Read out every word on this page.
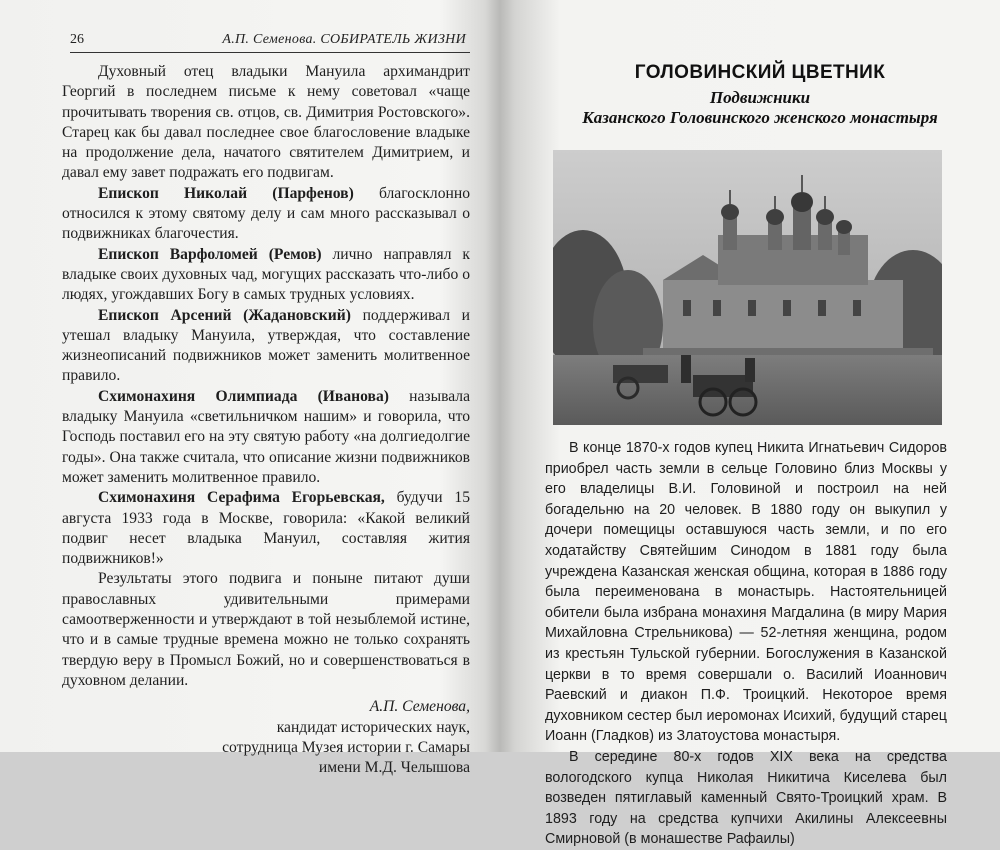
26	А.П. Семенова. СОБИРАТЕЛЬ ЖИЗНИ

Духовный отец владыки Мануила архимандрит Георгий в последнем письме к нему советовал «чаще прочитывать творения св. отцов, св. Димитрия Ростовского». Старец как бы давал последнее свое благословение владыке на продолжение дела, начатого святителем Димитрием, и давал ему завет подражать его подвигам.

Епископ Николай (Парфенов) благосклонно относился к этому святому делу и сам много рассказывал о подвижниках благочестия.

Епископ Варфоломей (Ремов) лично направлял к владыке своих духовных чад, могущих рассказать что-либо о людях, угождавших Богу в самых трудных условиях.

Епископ Арсений (Жадановский) поддерживал и утешал владыку Мануила, утверждая, что составление жизнеописаний подвижников может заменить молитвенное правило.

Схимонахиня Олимпиада (Иванова) называла владыку Мануила «светильничком нашим» и говорила, что Господь поставил его на эту святую работу «на долгиедолгие годы». Она также считала, что описание жизни подвижников может заменить молитвенное правило.

Схимонахиня Серафима Егорьевская, будучи 15 августа 1933 года в Москве, говорила: «Какой великий подвиг несет владыка Мануил, составляя жития подвижников!»

Результаты этого подвига и поныне питают души православных удивительными примерами самоотверженности и утверждают в той незыблемой истине, что и в самые трудные времена можно не только сохранять твердую веру в Промысл Божий, но и совершенствоваться в духовном делании.

А.П. Семенова,
кандидат исторических наук,
сотрудница Музея истории г. Самары
имени М.Д. Челышова
ГОЛОВИНСКИЙ ЦВЕТНИК
Подвижники
Казанского Головинского женского монастыря

В конце 1870-х годов купец Никита Игнатьевич Сидоров приобрел часть земли в сельце Головино близ Москвы у его владелицы В.И. Головиной и построил на ней богадельню на 20 человек. В 1880 году он выкупил у дочери помещицы оставшуюся часть земли, и по его ходатайству Святейшим Синодом в 1881 году была учреждена Казанская женская община, которая в 1886 году была переименована в монастырь. Настоятельницей обители была избрана монахиня Магдалина (в миру Мария Михайловна Стрельникова) — 52-летняя женщина, родом из крестьян Тульской губернии. Богослужения в Казанской церкви в то время совершали о. Василий Иоаннович Раевский и диакон П.Ф. Троицкий. Некоторое время духовником сестер был иеромонах Исихий, будущий старец Иоанн (Гладков) из Златоустова монастыря.

В середине 80-х годов XIX века на средства вологодского купца Николая Никитича Киселева был возведен пятиглавый каменный Свято-Троицкий храм. В 1893 году на средства купчихи Акилины Алексеевны Смирновой (в монашестве Рафаилы)
